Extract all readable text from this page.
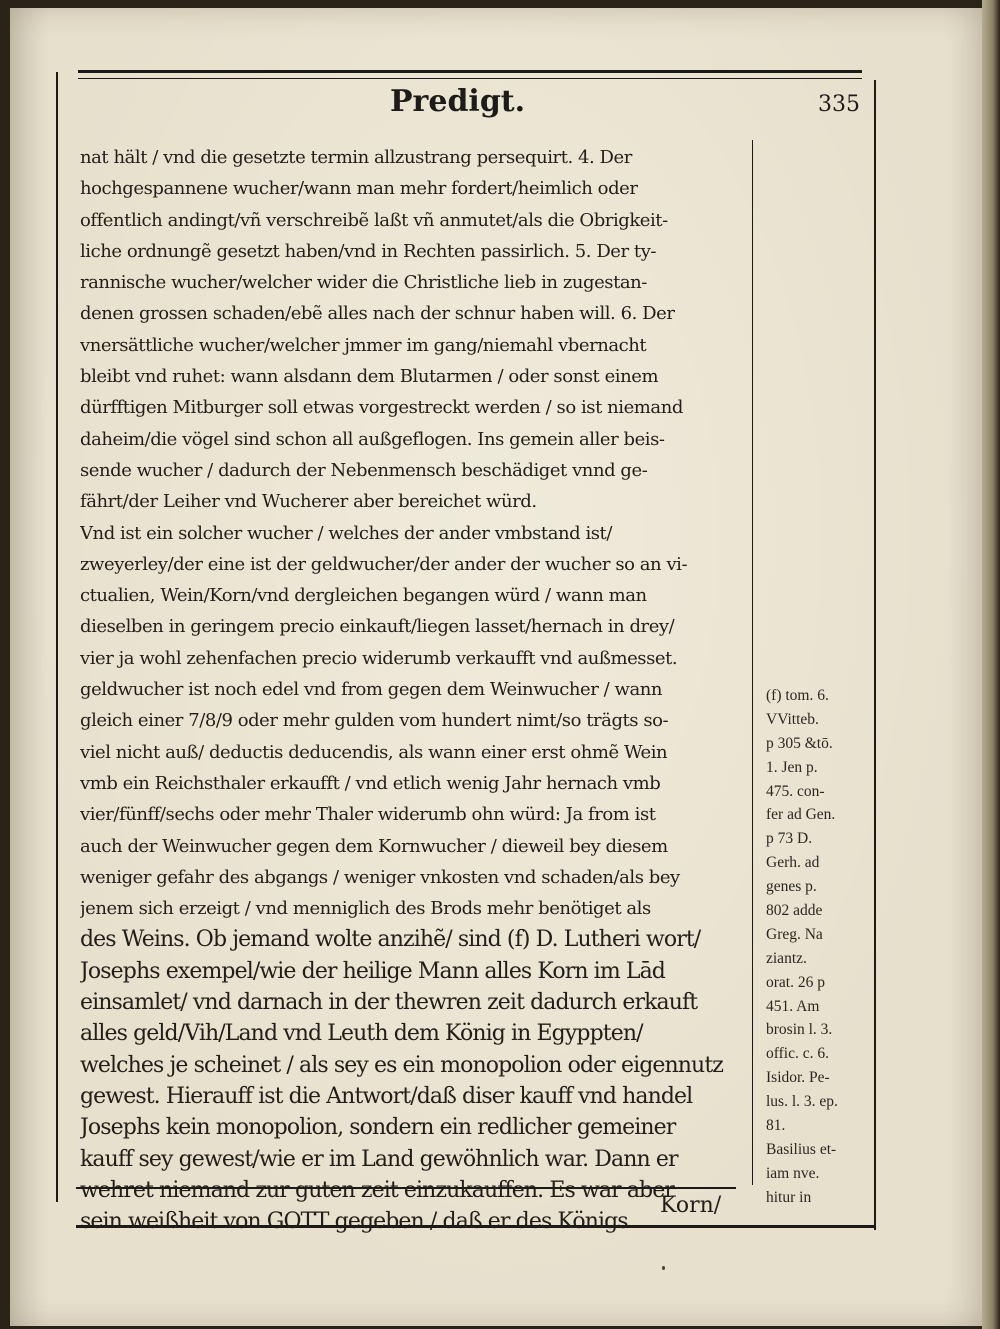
Predigt.	335
nat hält / vnd die gesetzte termin allzustrang persequirt. 4. Der
hochgespannene wucher/wann man mehr fordert/heimlich oder
offentlich andingt/vñ verschreibẽ laßt vñ anmutet/als die Obrigkeit-
liche ordnungẽ gesetzt haben/vnd in Rechten passirlich. 5. Der ty-
rannische wucher/welcher wider die Christliche lieb in zugestan-
denen grossen schaden/ebẽ alles nach der schnur haben will. 6. Der
vnersättliche wucher/welcher jmmer im gang/niemahl vbernacht
bleibt vnd ruhet: wann alsdann dem Blutarmen / oder sonst einem
dürfftigen Mitburger soll etwas vorgestreckt werden / so ist niemand
daheim/die vögel sind schon all außgeflogen. Ins gemein aller beis-
sende wucher / dadurch der Nebenmensch beschädiget vnnd ge-
fährt/der Leiher vnd Wucherer aber bereichet würd.
Vnd ist ein solcher wucher / welches der ander vmbstand ist/
zweyerley/der eine ist der geldwucher/der ander der wucher so an vi-
ctualien, Wein/Korn/vnd dergleichen begangen würd / wann man
dieselben in geringem precio einkauft/liegen lasset/hernach in drey/
vier ja wohl zehenfachen precio widerumb verkaufft vnd außmesset.
geldwucher ist noch edel vnd from gegen dem Weinwucher / wann
gleich einer 7/8/9 oder mehr gulden vom hundert nimt/so trägts so-
viel nicht auß/ deductis deducendis, als wann einer erst ohmẽ Wein
vmb ein Reichsthaler erkaufft / vnd etlich wenig Jahr hernach vmb
vier/fünff/sechs oder mehr Thaler widerumb ohn würd: Ja from ist
auch der Weinwucher gegen dem Kornwucher / dieweil bey diesem
weniger gefahr des abgangs / weniger vnkosten vnd schaden/als bey
jenem sich erzeigt / vnd menniglich des Brods mehr benötiget als
des Weins. Ob jemand wolte anzihẽ/ sind (f) D. Lutheri wort/
Josephs exempel/wie der heilige Mann alles Korn im Lād
einsamlet/ vnd darnach in der thewren zeit dadurch erkauft
alles geld/Vih/Land vnd Leuth dem König in Egyppten/
welches je scheinet / als sey es ein monopolion oder eigennutz
gewest. Hierauff ist die Antwort/daß diser kauff vnd handel
Josephs kein monopolion, sondern ein redlicher gemeiner
kauff sey gewest/wie er im Land gewöhnlich war. Dann er
wehret niemand zur guten zeit einzukauffen. Es war aber
sein weißheit von GOTT gegeben / daß er des Königs
Korn/
(f) tom. 6.
VVitteb.
p 305 &tō.
1. Jen p.
475. con-
fer ad Gen.
p 73 D.
Gerh. ad
genes p.
802 adde
Greg. Na
ziantz.
orat. 26 p
451. Am
brosin l. 3.
offic. c. 6.
Isidor. Pe-
lus. l. 3. ep.
81.
Basilius et-
iam nve.
hitur in
